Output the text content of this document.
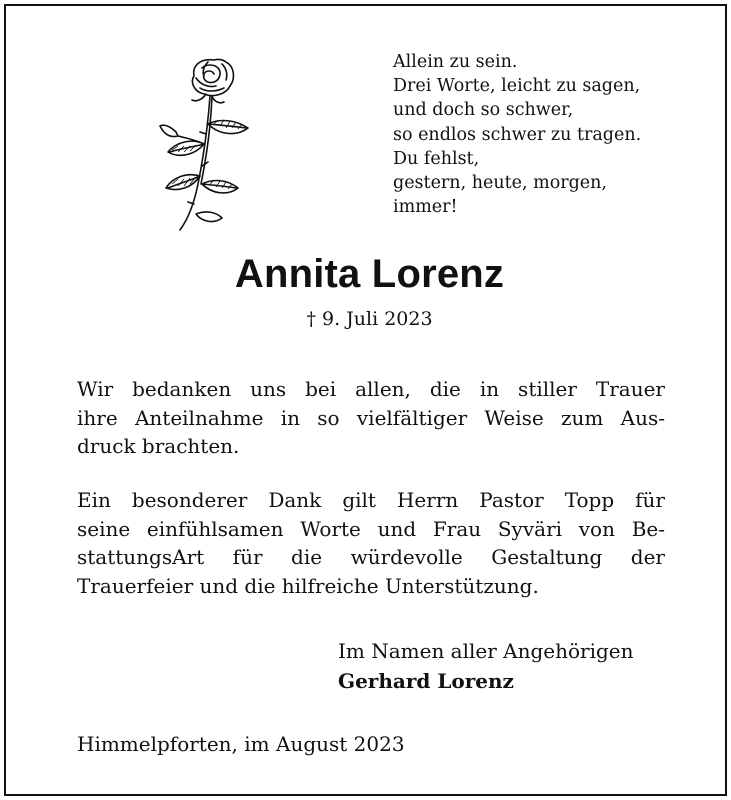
Allein zu sein.
Drei Worte, leicht zu sagen,
und doch so schwer,
so endlos schwer zu tragen.
Du fehlst,
gestern, heute, morgen,
immer!
Annita Lorenz
† 9. Juli 2023
Wir bedanken uns bei allen, die in stiller Trauer
ihre Anteilnahme in so vielfältiger Weise zum Aus-
druck brachten.
Ein besonderer Dank gilt Herrn Pastor Topp für
seine einfühlsamen Worte und Frau Syväri von Be-
stattungsArt für die würdevolle Gestaltung der
Trauerfeier und die hilfreiche Unterstützung.
Im Namen aller Angehörigen
Gerhard Lorenz
Himmelpforten, im August 2023
